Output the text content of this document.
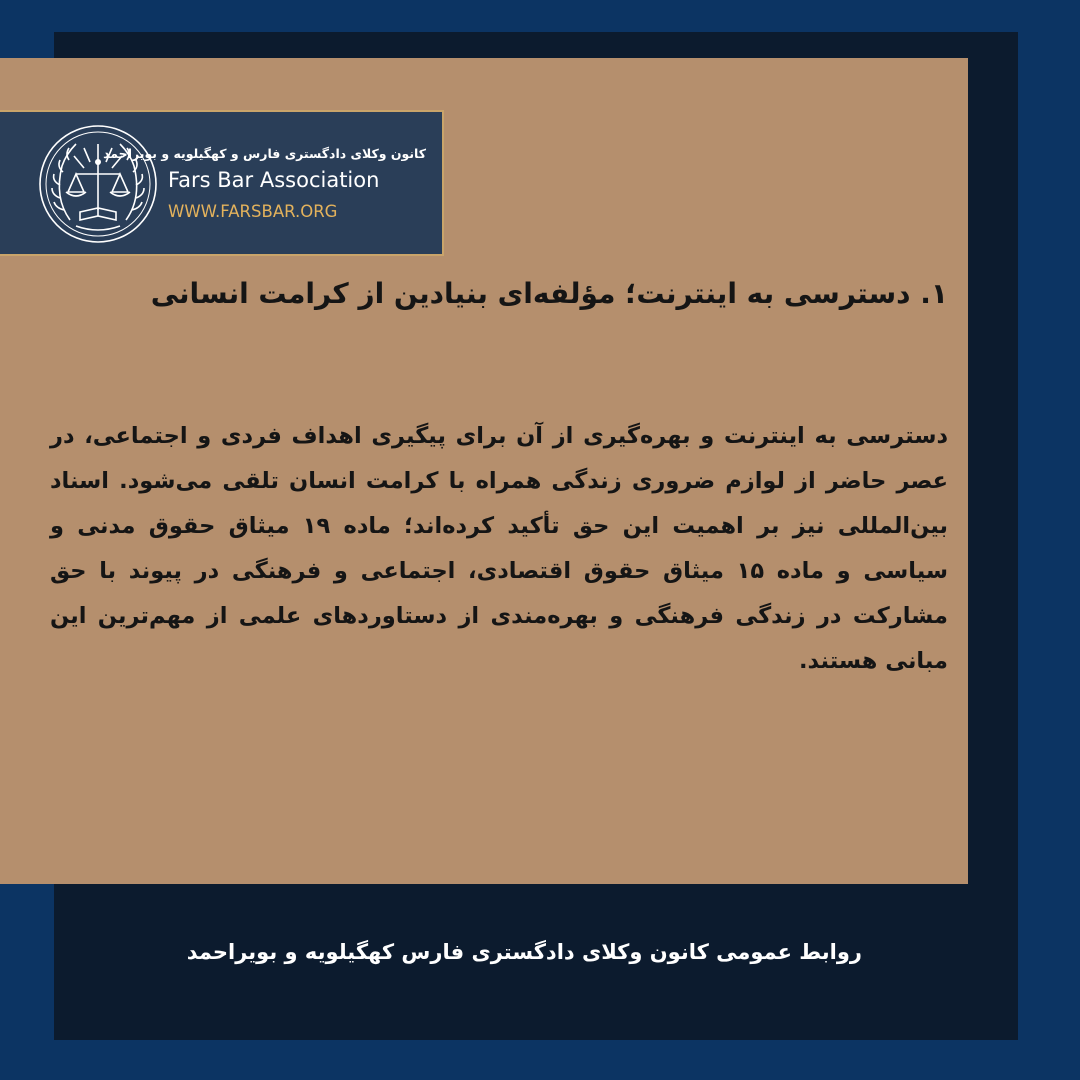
کانون وکلای دادگستری فارس و کهگیلویه و بویراحمد
Fars Bar Association
WWW.FARSBAR.ORG
۱. دسترسی به اینترنت؛ مؤلفه‌ای بنیادین از کرامت انسانی

دسترسی به اینترنت و بهره‌گیری از آن برای پیگیری اهداف فردی و اجتماعی، در عصر حاضر از لوازم ضروری زندگی همراه با کرامت انسان تلقی می‌شود. اسناد بین‌المللی نیز بر اهمیت این حق تأکید کرده‌اند؛ ماده ۱۹ میثاق حقوق مدنی و سیاسی و ماده ۱۵ میثاق حقوق اقتصادی، اجتماعی و فرهنگی در پیوند با حق مشارکت در زندگی فرهنگی و بهره‌مندی از دستاوردهای علمی از مهم‌ترین این مبانی هستند.

روابط عمومی کانون وکلای دادگستری فارس کهگیلویه و بویراحمد
